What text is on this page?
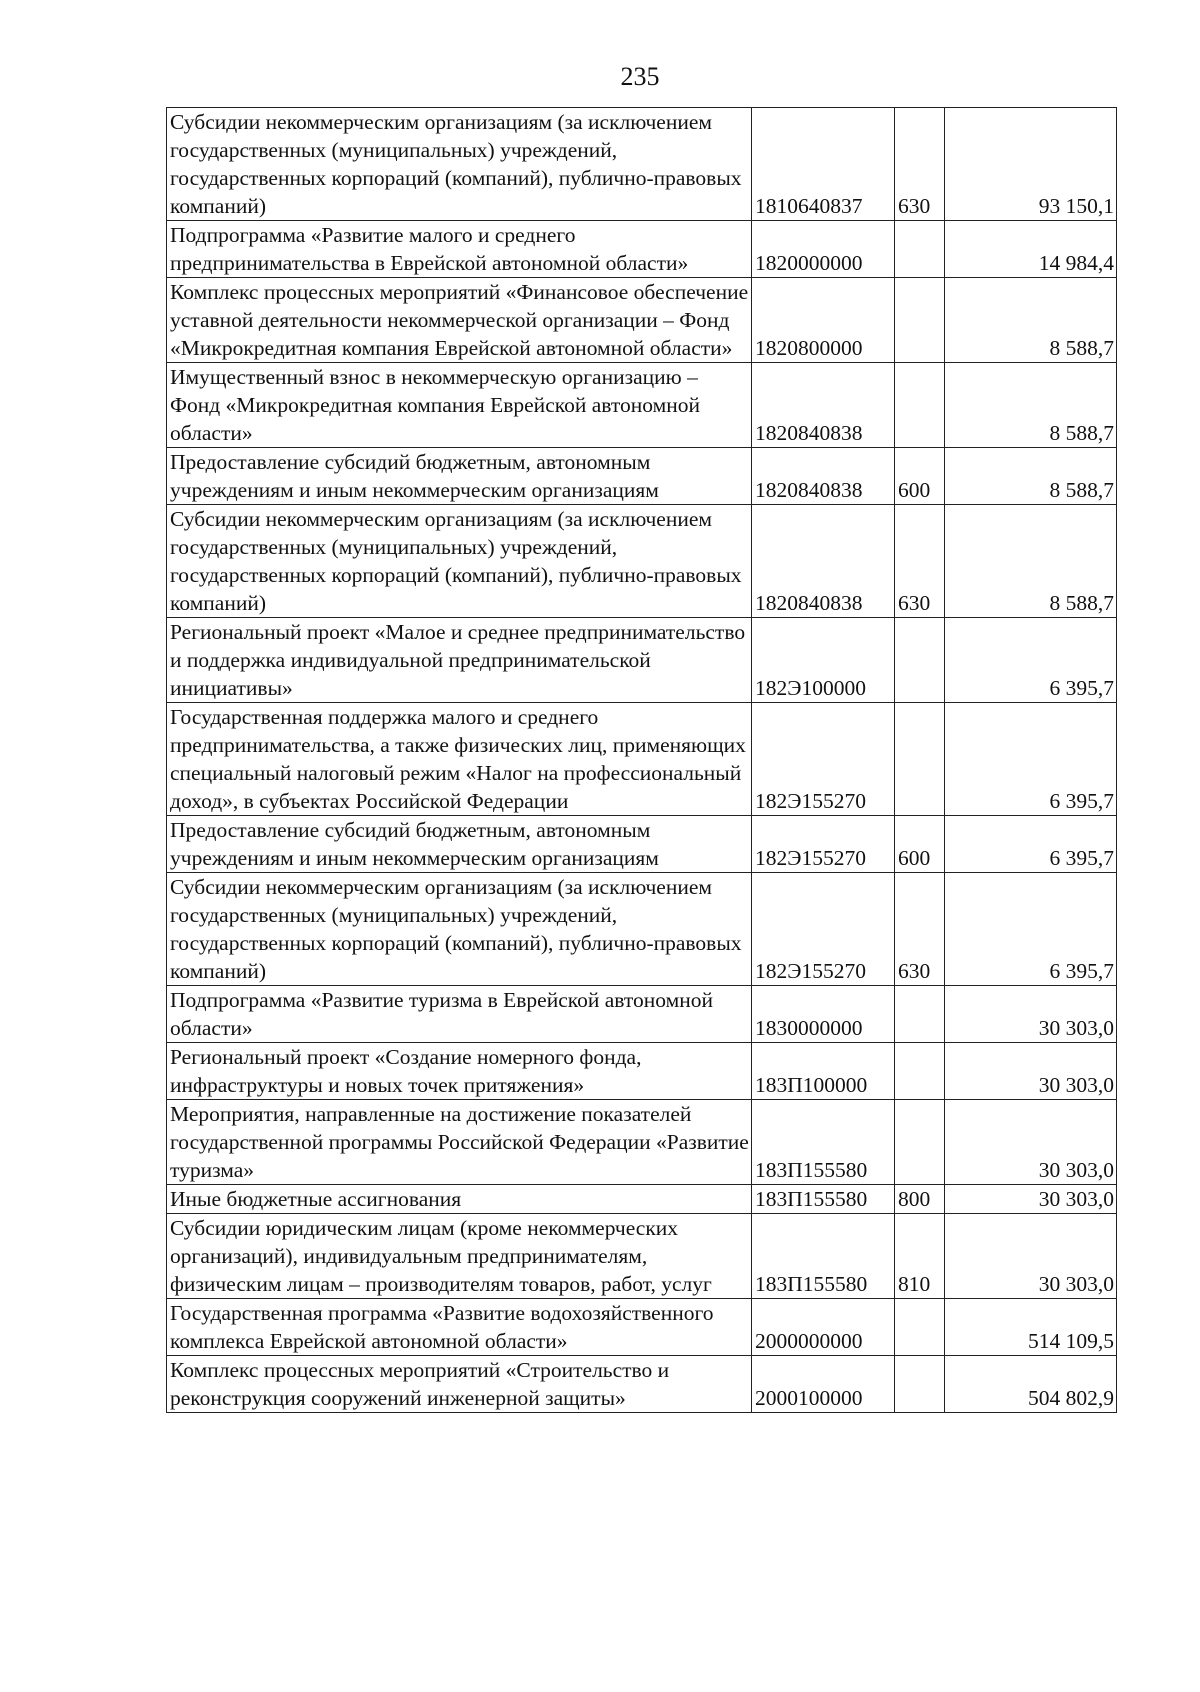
235
Субсидии некоммерческим организациям (за исключением государственных (муниципальных) учреждений, государственных корпораций (компаний), публично-правовых компаний)	1810640837	630	93 150,1
Подпрограмма «Развитие малого и среднего предпринимательства в Еврейской автономной области»	1820000000		14 984,4
Комплекс процессных мероприятий «Финансовое обеспечение уставной деятельности некоммерческой организации – Фонд «Микрокредитная компания Еврейской автономной области»	1820800000		8 588,7
Имущественный взнос в некоммерческую организацию – Фонд «Микрокредитная компания Еврейской автономной области»	1820840838		8 588,7
Предоставление субсидий бюджетным, автономным учреждениям и иным некоммерческим организациям	1820840838	600	8 588,7
Субсидии некоммерческим организациям (за исключением государственных (муниципальных) учреждений, государственных корпораций (компаний), публично-правовых компаний)	1820840838	630	8 588,7
Региональный проект «Малое и среднее предпринимательство и поддержка индивидуальной предпринимательской инициативы»	182Э100000		6 395,7
Государственная поддержка малого и среднего предпринимательства, а также физических лиц, применяющих специальный налоговый режим «Налог на профессиональный доход», в субъектах Российской Федерации	182Э155270		6 395,7
Предоставление субсидий бюджетным, автономным учреждениям и иным некоммерческим организациям	182Э155270	600	6 395,7
Субсидии некоммерческим организациям (за исключением государственных (муниципальных) учреждений, государственных корпораций (компаний), публично-правовых компаний)	182Э155270	630	6 395,7
Подпрограмма «Развитие туризма в Еврейской автономной области»	1830000000		30 303,0
Региональный проект «Создание номерного фонда, инфраструктуры и новых точек притяжения»	183П100000		30 303,0
Мероприятия, направленные на достижение показателей государственной программы Российской Федерации «Развитие туризма»	183П155580		30 303,0
Иные бюджетные ассигнования	183П155580	800	30 303,0
Субсидии юридическим лицам (кроме некоммерческих организаций), индивидуальным предпринимателям, физическим лицам – производителям товаров, работ, услуг	183П155580	810	30 303,0
Государственная программа «Развитие водохозяйственного комплекса Еврейской автономной области»	2000000000		514 109,5
Комплекс процессных мероприятий «Строительство и реконструкция сооружений инженерной защиты»	2000100000		504 802,9
